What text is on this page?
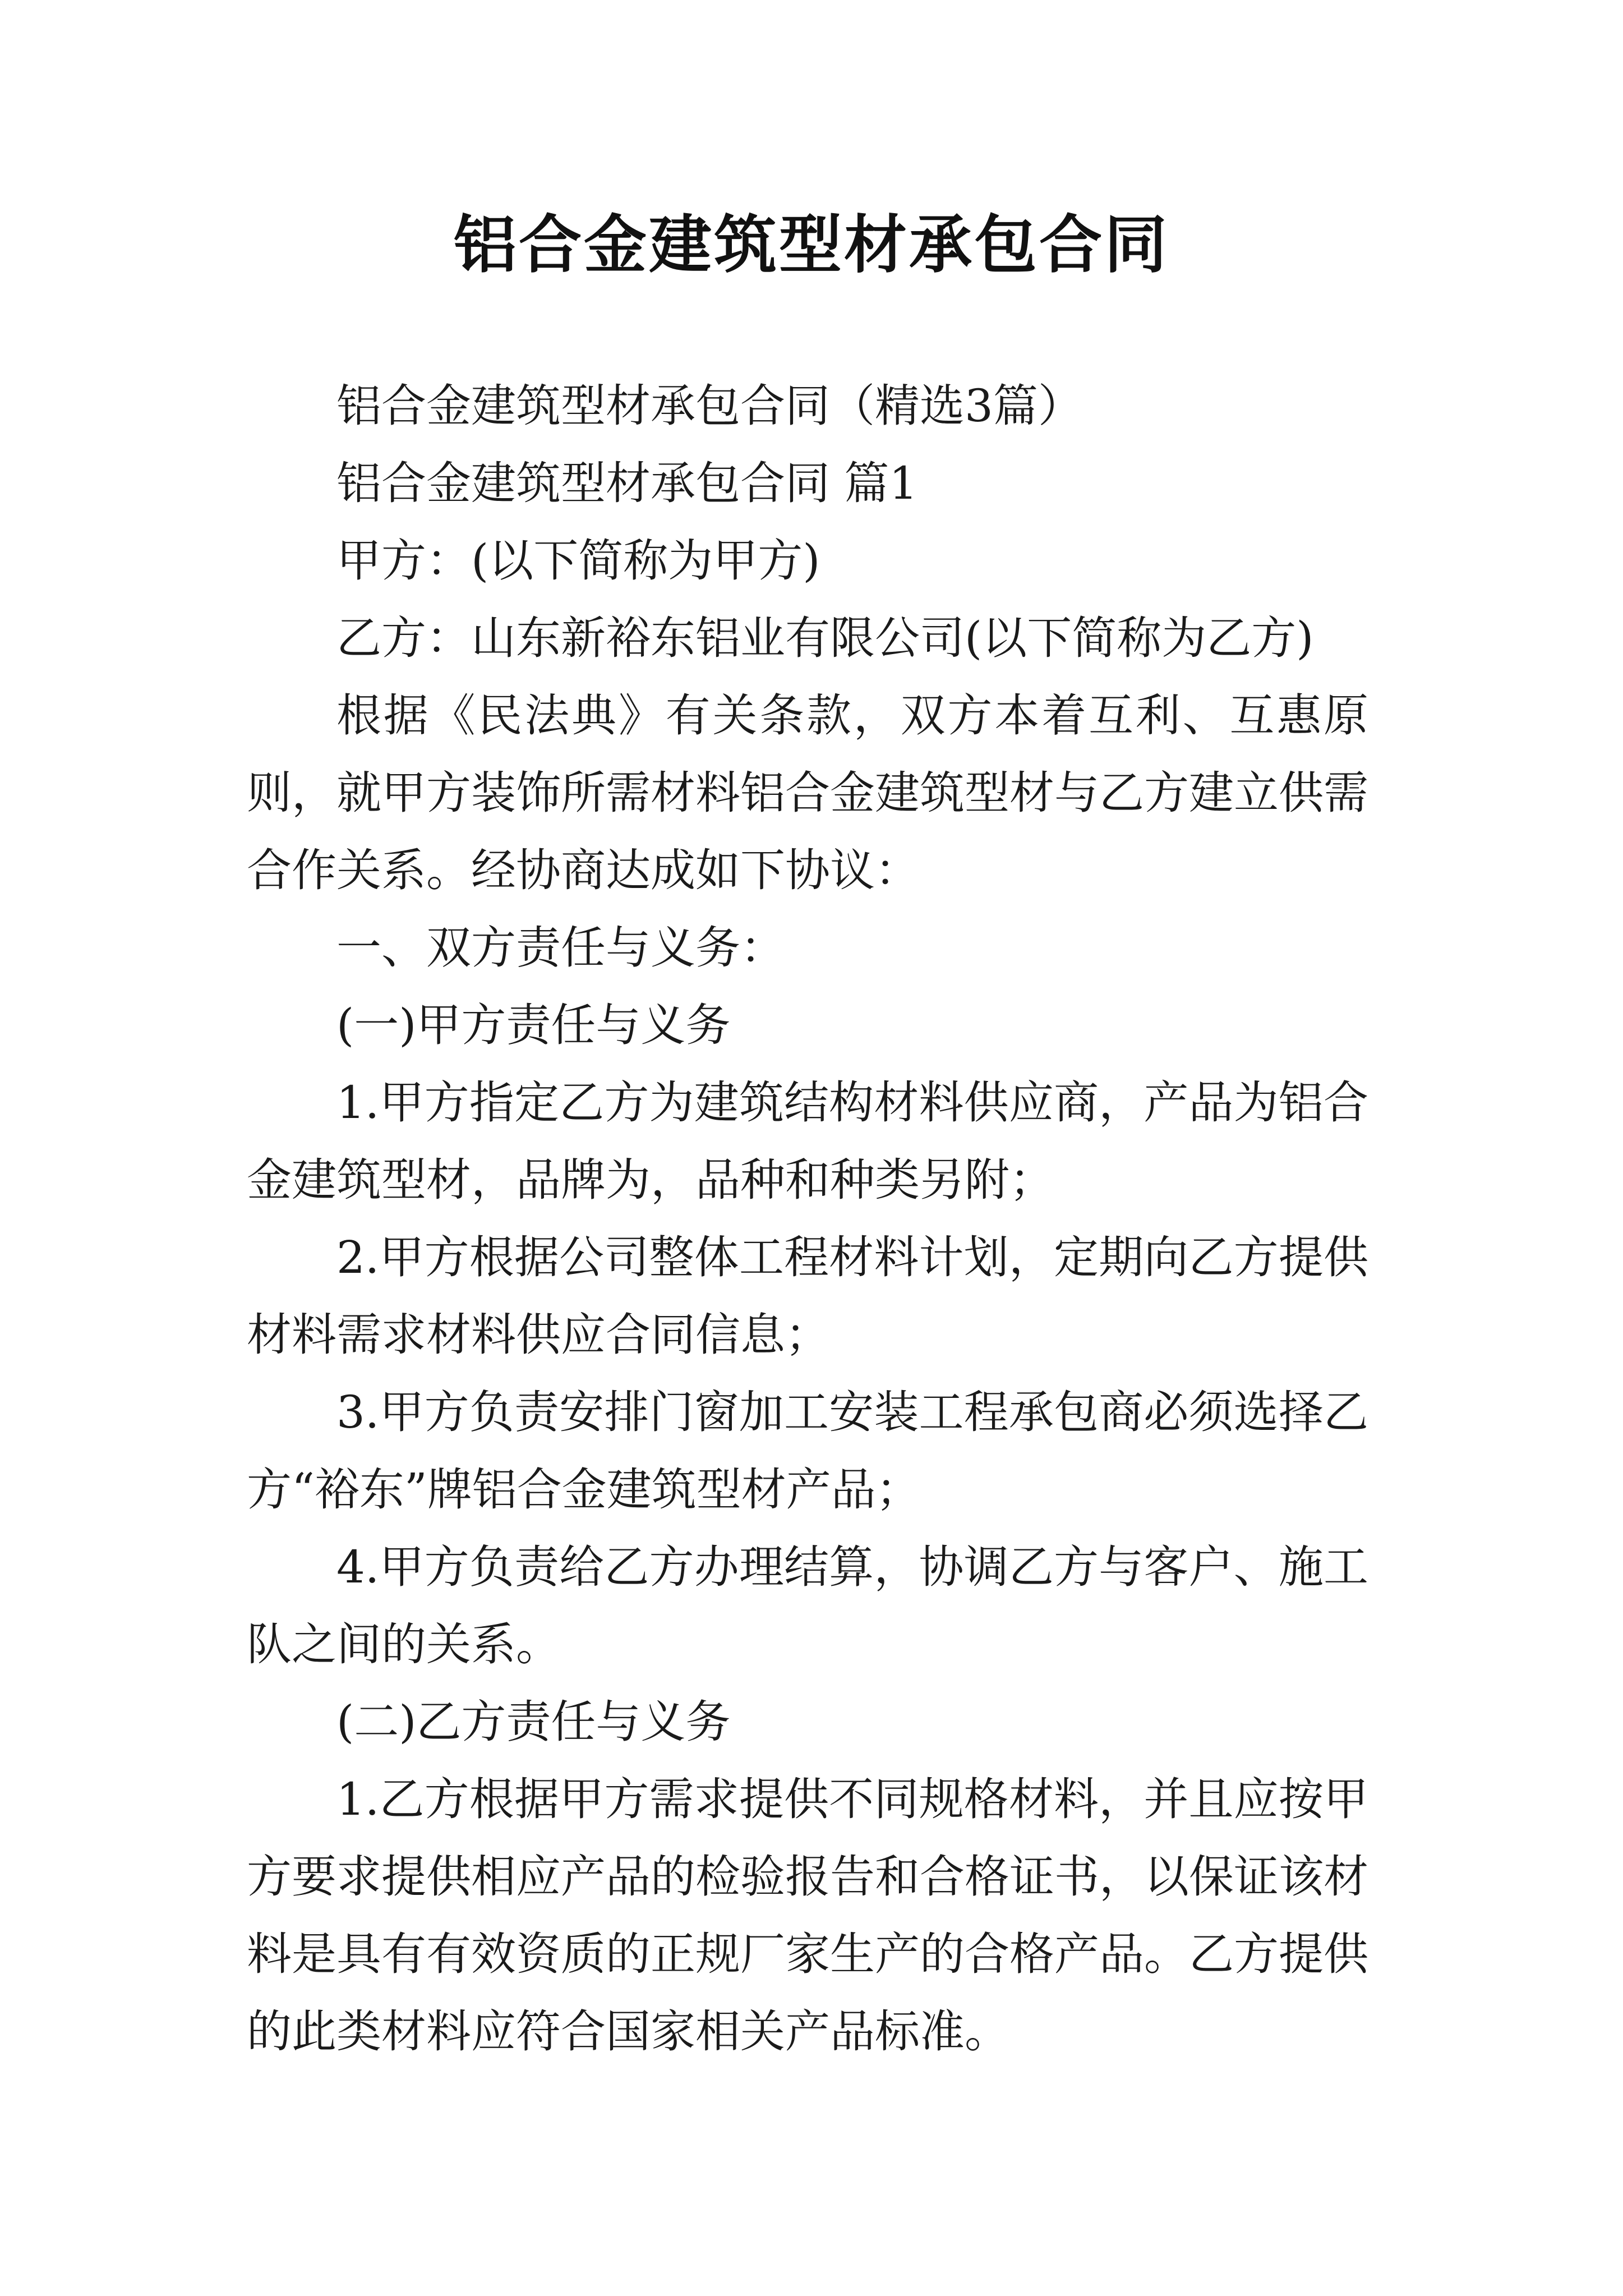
铝合金建筑型材承包合同

铝合金建筑型材承包合同（精选3篇）

铝合金建筑型材承包合同 篇1

甲方：(以下简称为甲方)

乙方：山东新裕东铝业有限公司(以下简称为乙方)

根据《民法典》有关条款，双方本着互利、互惠原则，就甲方装饰所需材料铝合金建筑型材与乙方建立供需合作关系。经协商达成如下协议：

一、双方责任与义务：

(一)甲方责任与义务

1.甲方指定乙方为建筑结构材料供应商，产品为铝合金建筑型材，品牌为，品种和种类另附；

2.甲方根据公司整体工程材料计划，定期向乙方提供材料需求材料供应合同信息；

3.甲方负责安排门窗加工安装工程承包商必须选择乙方“裕东”牌铝合金建筑型材产品；

4.甲方负责给乙方办理结算，协调乙方与客户、施工队之间的关系。

(二)乙方责任与义务

1.乙方根据甲方需求提供不同规格材料，并且应按甲方要求提供相应产品的检验报告和合格证书，以保证该材料是具有有效资质的正规厂家生产的合格产品。乙方提供的此类材料应符合国家相关产品标准。
